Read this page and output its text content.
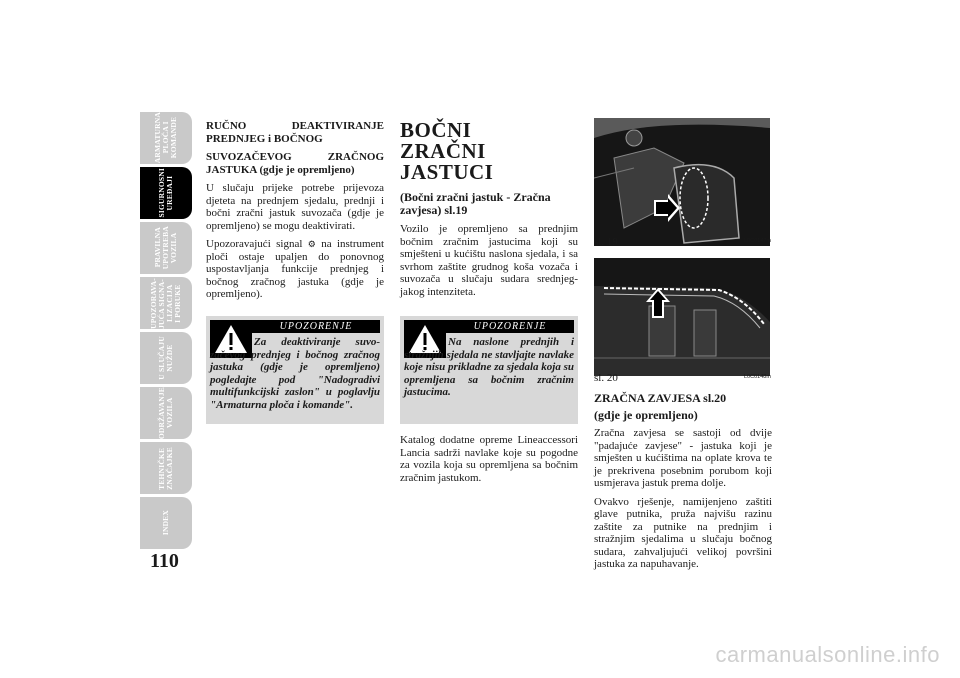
ARMATURNA
PLOČA I
KOMANDE
SIGURNOSNI
UREĐAJI
PRAVILNA
UPOTREBA
VOZILA
UPOZORAVA-
JUĆA SIGNA-
LIZACIJA
I PORUKE
U SLUČAJU
NUŽDE
ODRŽAVANJE
VOZILA
TEHNIČKE
ZNAČAJKE
INDEX
110
RUČNO DEAKTIVIRANJE PREDNJEG i BOČNOG
SUVOZAČEVOG ZRAČNOG JASTUKA (gdje je opremljeno)

U slučaju prijeke potrebe prijevoza djeteta na prednjem sjedalu, prednji i bočni zračni jastuk suvozača (gdje je opremljeno) se mogu deaktivirati.

Upozoravajući signal ⚙ na instrument ploči ostaje upaljen do ponovnog uspostavljanja funkcije prednjeg i bočnog zračnog jastuka (gdje je opremljeno).

UPOZORENJE
Za deaktiviranje suvo-začevog prednjeg i bočnog zračnog jastuka (gdje je opremljeno) pogledajte pod "Nadogradivi multifunkcijski zaslon" u poglavlju "Armaturna ploča i komande".
BOČNI ZRAČNI JASTUCI
(Bočni zračni jastuk - Zračna zavjesa) sl.19
Vozilo je opremljeno sa prednjim bočnim zračnim jastucima koji su smješteni u kućištu naslona sjedala, i sa svrhom zaštite grudnog koša vozača i suvozača u slučaju sudara srednjeg-jakog intenziteta.
UPOZORENJE
Na naslone prednjih i stražnjih sjedala ne stavljajte navlake koje nisu prikladne za sjedala koja su opremljena sa bočnim zračnim jastucima.
Katalog dodatne opreme Lineaccessori Lancia sadrži navlake koje su pogodne za vozila koja su opremljena sa bočnim zračnim jastukom.
sl. 19	L0C0147m
sl. 20	L0C0148m
ZRAČNA ZAVJESA sl.20
(gdje je opremljeno)

Zračna zavjesa se sastoji od dvije "padajuće zavjese" - jastuka koji je smješten u kućištima na oplate krova te je prekrivena posebnim porubom koji usmjerava jastuk prema dolje.

Ovakvo rješenje, namijenjeno zaštiti glave putnika, pruža najvišu razinu zaštite za putnike na prednjim i stražnjim sjedalima u slučaju bočnog sudara, zahvaljujući velikoj površini jastuka za napuhavanje.

carmanualsonline.info
